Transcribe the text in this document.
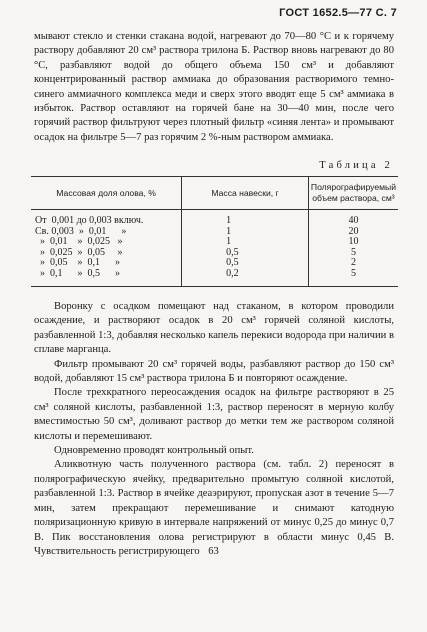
ГОСТ 1652.5—77 С. 7

мывают стекло и стенки стакана водой, нагревают до 70—80 °С и к горячему раствору добавляют 20 см³ раствора трилона Б. Раствор вновь нагревают до 80 °С, разбавляют водой до общего объема 150 см³ и добавляют концентрированный раствор аммиака до образования растворимого темно-синего аммиачного комплекса меди и сверх этого вводят еще 5 см³ аммиака в избыток. Раствор оставляют на горячей бане на 30—40 мин, после чего горячий раствор фильтруют через плотный фильтр «синяя лента» и промывают осадок на фильтре 5—7 раз горячим 2 %-ным раствором аммиака.

Таблица 2
Массовая доля олова, %	Масса навески, г	Полярографируемый объем раствора, см³
От  0,001 до 0,003 включ.	1	40
Св. 0,003  »  0,01      »	1	20
»  0,01    »  0,025   »	1	10
»  0,025  »  0,05     »	0,5	5
»  0,05    »  0,1      »	0,5	2
»  0,1      »  0,5      »	0,2	5

Воронку с осадком помещают над стаканом, в котором проводили осаждение, и растворяют осадок в 20 см³ горячей соляной кислоты, разбавленной 1:3, добавляя несколько капель перекиси водорода при наличии в сплаве марганца.

Фильтр промывают 20 см³ горячей воды, разбавляют раствор до 150 см³ водой, добавляют 15 см³ раствора трилона Б и повторяют осаждение.

После трехкратного переосаждения осадок на фильтре растворяют в 25 см³ соляной кислоты, разбавленной 1:3, раствор переносят в мерную колбу вместимостью 50 см³, доливают раствор до метки тем же раствором соляной кислоты и перемешивают.

Одновременно проводят контрольный опыт.

Аликвотную часть полученного раствора (см. табл. 2) переносят в полярографическую ячейку, предварительно промытую соляной кислотой, разбавленной 1:3. Раствор в ячейке деаэрируют, пропуская азот в течение 5—7 мин, затем прекращают перемешивание и снимают катодную поляризационную кривую в интервале напряжений от минус 0,25 до минус 0,7 В. Пик восстановления олова регистрируют в области минус 0,45 В. Чувствительность регистрирующего 63
